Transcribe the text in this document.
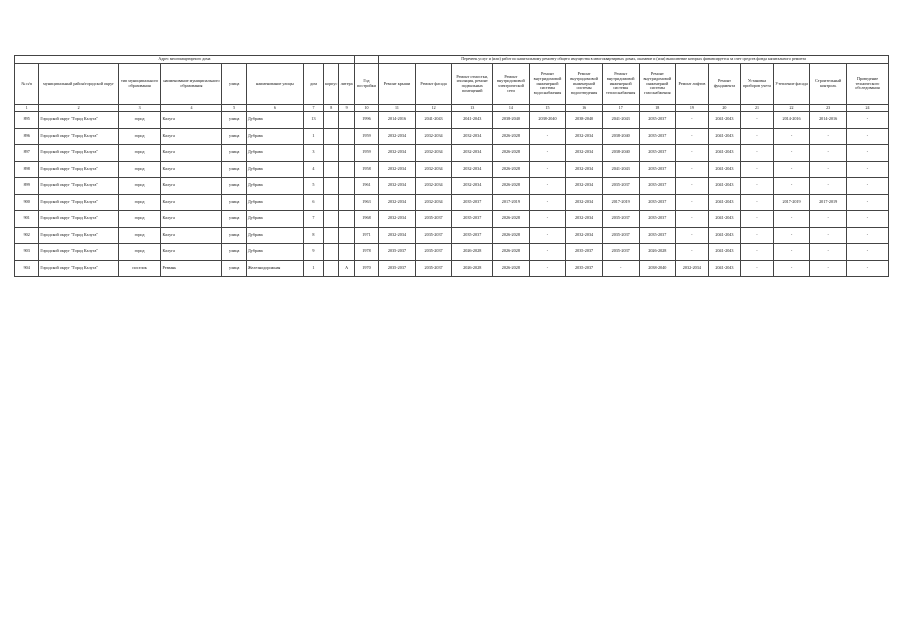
Адрес многоквартирного дома										Перечень услуг и (или) работ по капитальному ремонту общего имущества в многоквартирных домах, оказание и (или) выполнение которых финансируется за счет средств фонда капитального ремонта													
№ п/п	муниципальный район/городской округ	тип муниципального образования	наименование муниципального образования	улица	наименование улицы	дом	корпус	литера	Год постройки	Ремонт крыши	Ремонт фасада	Ремонт отмостки, изоляция, ремонт подвальных помещений	Ремонт внутридомовой электрической сети	Ремонт внутридомовой инженерной системы водоснабжения	Ремонт внутридомовой инженерной системы водоотведения	Ремонт внутридомовой инженерной системы теплоснабжения	Ремонт внутридомовой инженерной системы газоснабжения	Ремонт лифтов	Ремонт фундамента	Установка приборов учета	Утепление фасада	Строительный контроль	Проведение технического обследования
1	2	3	4	5	6	7	8	9	10	11	12	13	14	15	16	17	18	19	20	21	22	23	24
895	Городской округ "Город Калуга"	город	Калуга	улица	Дубрава	13			1996	2014-2016	2041-2043	2041-2043	2038-2040	2038-2040	2038-2040	2041-2043	2035-2037	-	2041-2043	-	2014-2016	2014-2016	-
896	Городской округ "Город Калуга"	город	Калуга	улица	Дубрава	1			1959	2032-2034	2032-2034	2032-2034	2026-2028	-	2032-2034	2038-2040	2035-2037	-	2041-2043	-	-	-	-
897	Городской округ "Город Калуга"	город	Калуга	улица	Дубрава	3			1959	2032-2034	2032-2034	2032-2034	2026-2028	-	2032-2034	2038-2040	2035-2037	-	2041-2043	-	-	-	-
898	Городской округ "Город Калуга"	город	Калуга	улица	Дубрава	4			1958	2032-2034	2032-2034	2032-2034	2026-2028	-	2032-2034	2041-2043	2035-2037	-	2041-2043	-	-	-	-
899	Городской округ "Город Калуга"	город	Калуга	улица	Дубрава	5			1961	2032-2034	2032-2034	2032-2034	2026-2028	-	2032-2034	2035-2037	2035-2037	-	2041-2043	-	-	-	-
900	Городской округ "Город Калуга"	город	Калуга	улица	Дубрава	6			1963	2032-2034	2032-2034	2035-2037	2017-2019	-	2032-2034	2017-2019	2035-2037	-	2041-2043	-	2017-2019	2017-2019	-
901	Городской округ "Город Калуга"	город	Калуга	улица	Дубрава	7			1968	2032-2034	2035-2037	2035-2037	2026-2028	-	2032-2034	2035-2037	2035-2037	-	2041-2043	-	-	-	-
902	Городской округ "Город Калуга"	город	Калуга	улица	Дубрава	8			1971	2032-2034	2035-2037	2035-2037	2026-2028	-	2032-2034	2035-2037	2035-2037	-	2041-2043	-	-	-	-
903	Городской округ "Город Калуга"	город	Калуга	улица	Дубрава	9			1978	2035-2037	2035-2037	2026-2028	2026-2028	-	2035-2037	2035-2037	2026-2028	-	2041-2043	-	-	-	-
904	Городской округ "Город Калуга"	поселок	Резвань	улица	Железнодорожная	1		А	1970	2035-2037	2035-2037	2026-2028	2026-2028	-	2035-2037	-	2038-2040	2032-2034	2041-2043	-	-	-	-
